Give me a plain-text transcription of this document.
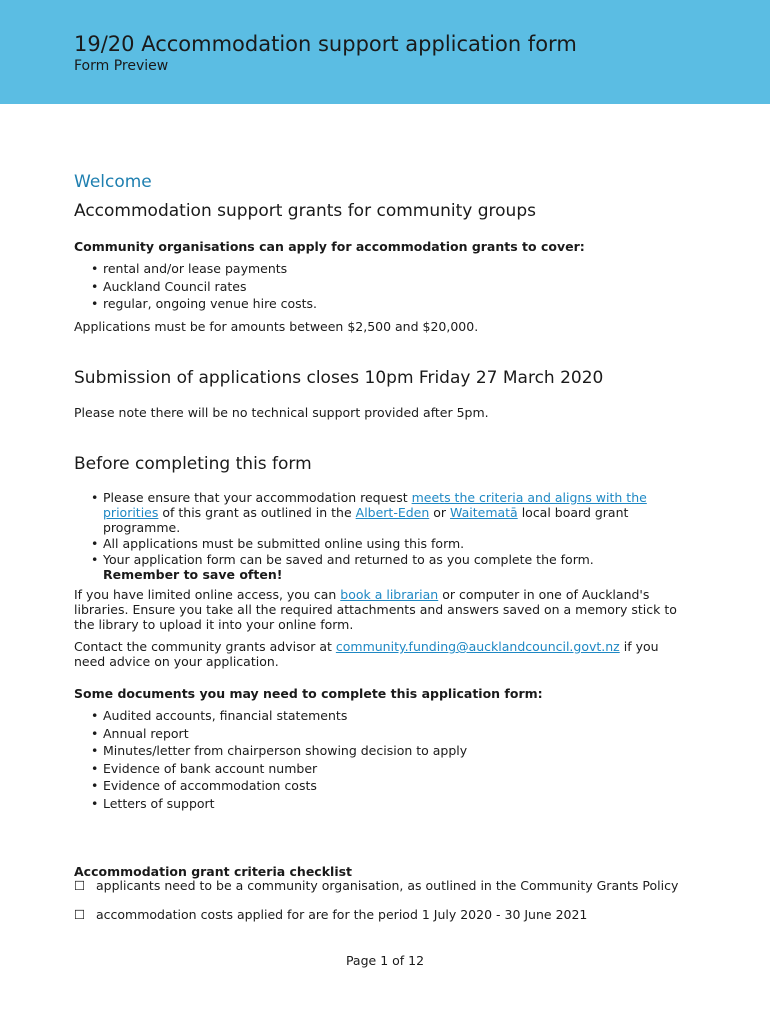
19/20 Accommodation support application form
Form Preview
Welcome
Accommodation support grants for community groups
Community organisations can apply for accommodation grants to cover:
• rental and/or lease payments
• Auckland Council rates
• regular, ongoing venue hire costs.
Applications must be for amounts between $2,500 and $20,000.
Submission of applications closes 10pm Friday 27 March 2020
Please note there will be no technical support provided after 5pm.
Before completing this form
• Please ensure that your accommodation request meets the criteria and aligns with the priorities of this grant as outlined in the Albert-Eden or Waitematā local board grant programme.
• All applications must be submitted online using this form.
• Your application form can be saved and returned to as you complete the form.
Remember to save often!
If you have limited online access, you can book a librarian or computer in one of Auckland's libraries. Ensure you take all the required attachments and answers saved on a memory stick to the library to upload it into your online form.
Contact the community grants advisor at community.funding@aucklandcouncil.govt.nz if you need advice on your application.
Some documents you may need to complete this application form:
• Audited accounts, financial statements
• Annual report
• Minutes/letter from chairperson showing decision to apply
• Evidence of bank account number
• Evidence of accommodation costs
• Letters of support
Accommodation grant criteria checklist
☐ applicants need to be a community organisation, as outlined in the Community Grants Policy
☐ accommodation costs applied for are for the period 1 July 2020 - 30 June 2021
Page 1 of 12
